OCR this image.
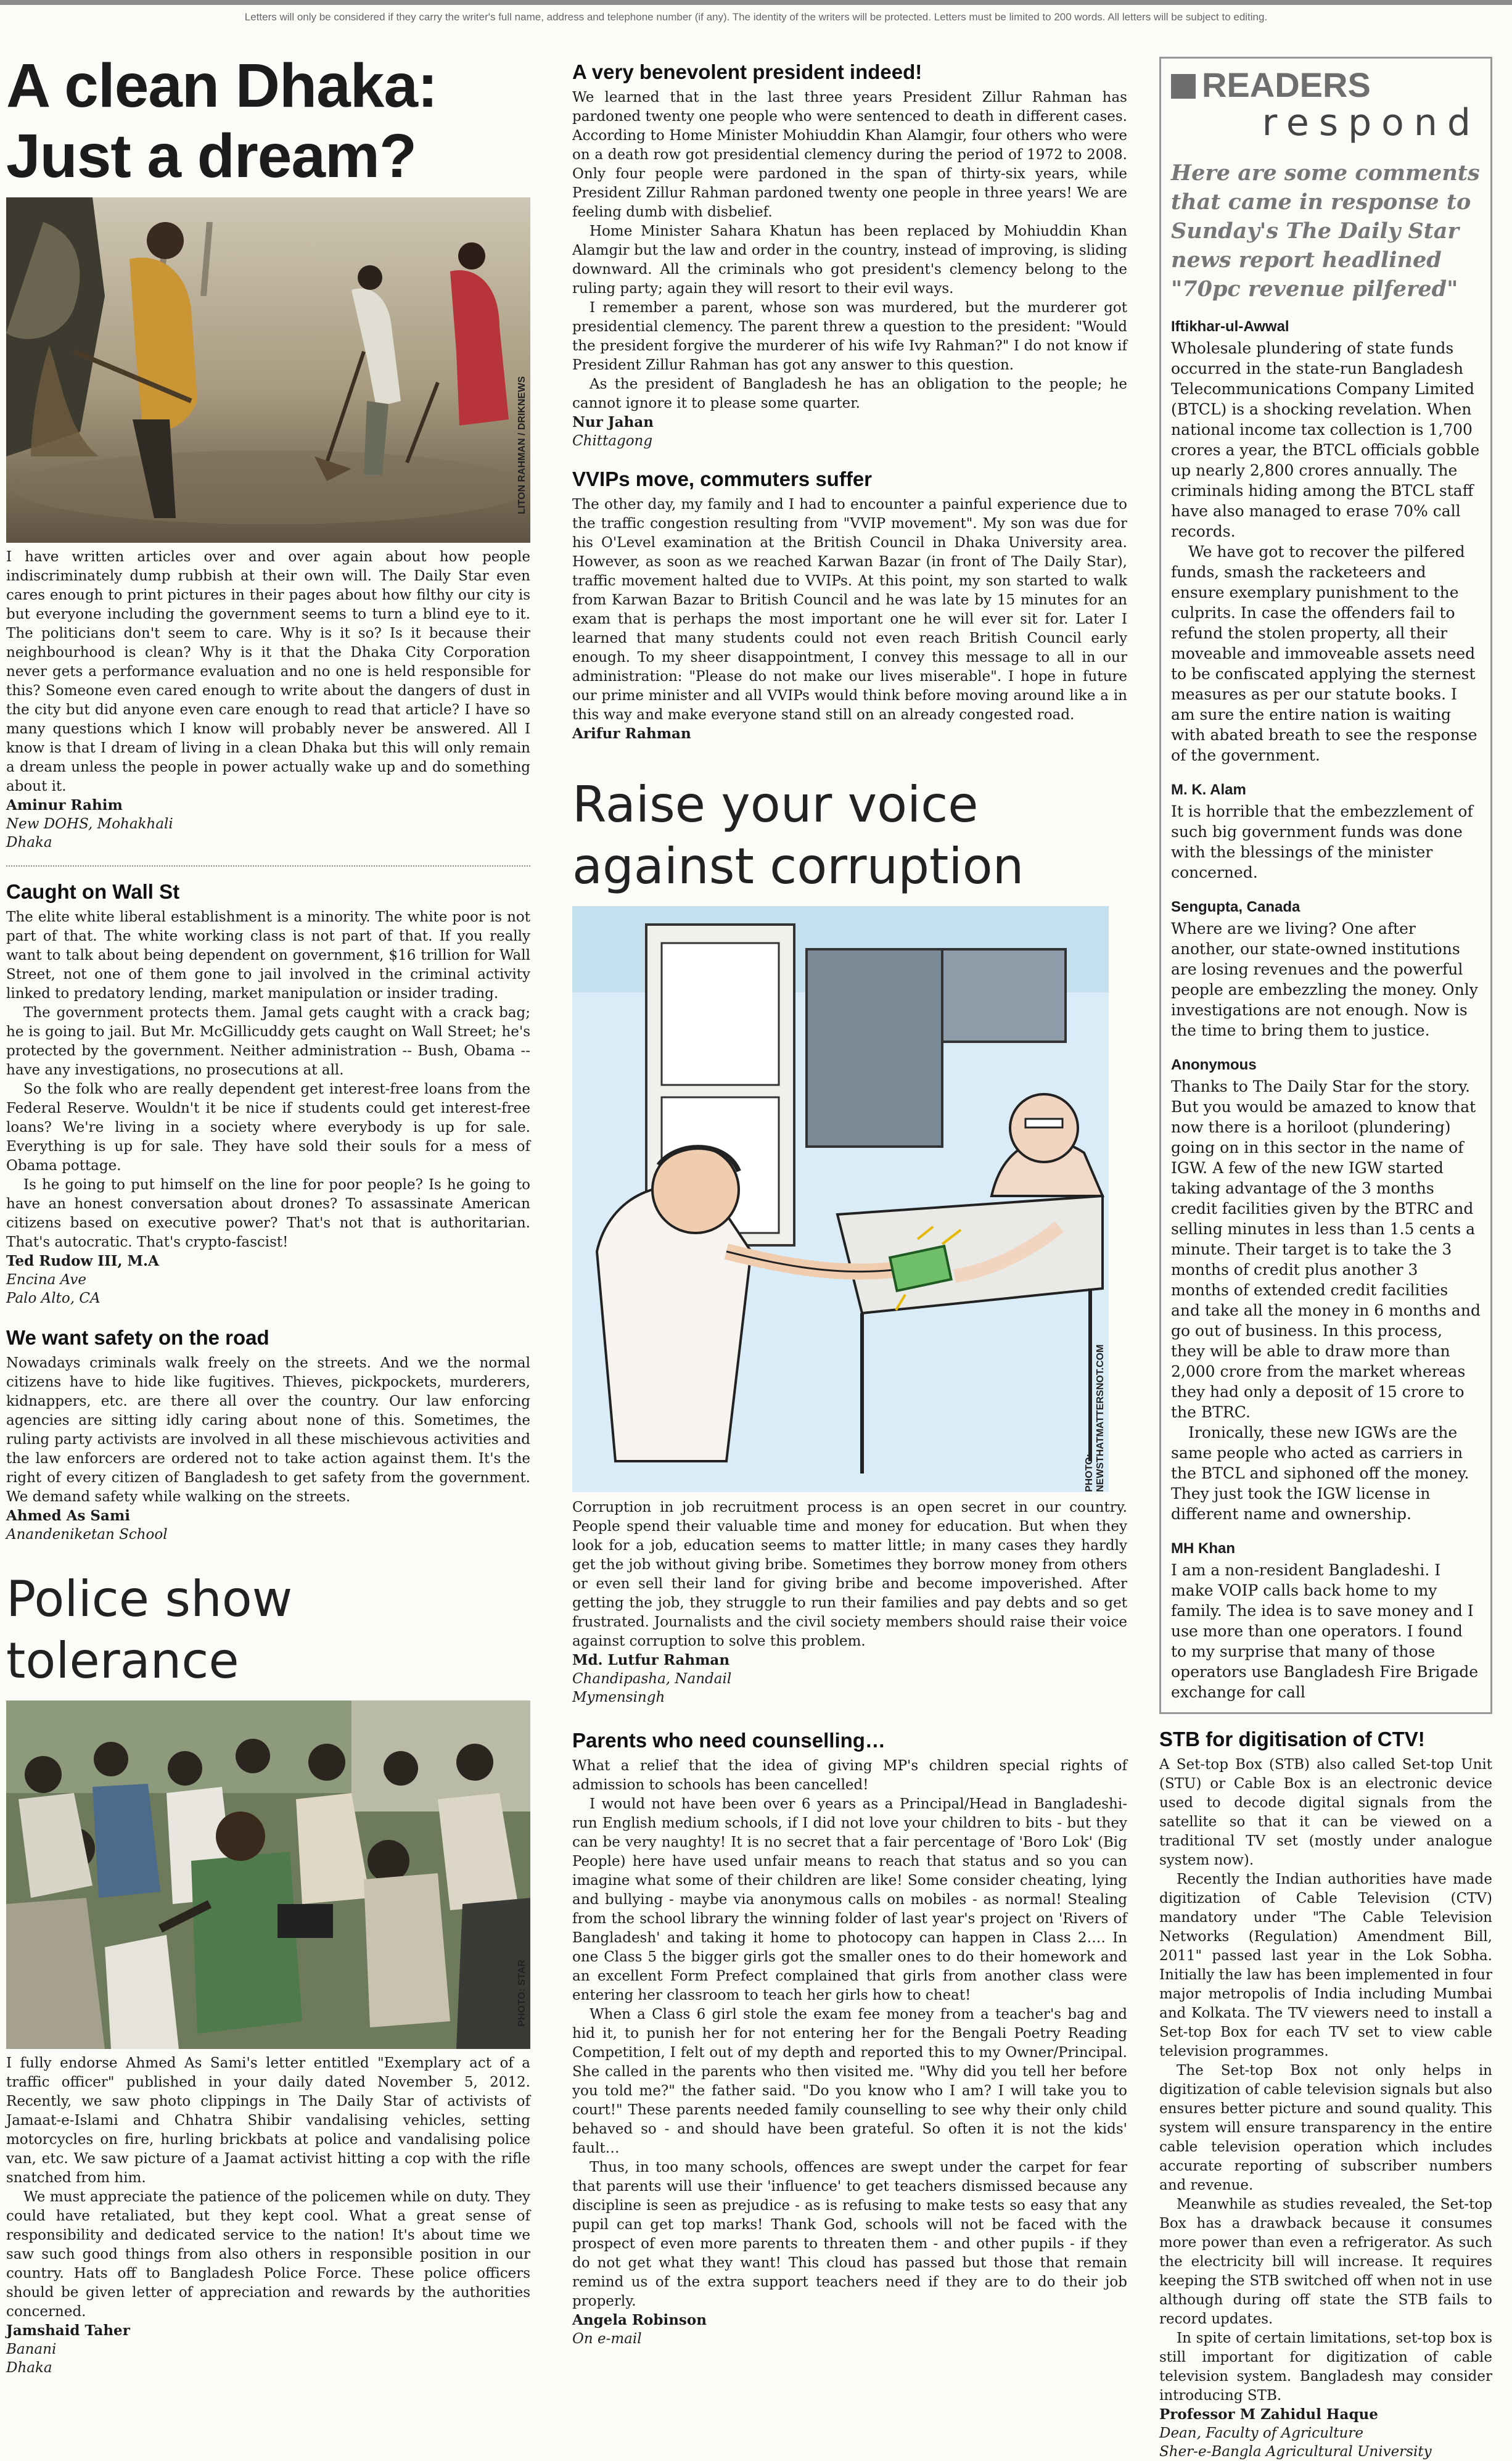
Letters will only be considered if they carry the writer's full name, address and telephone number (if any). The identity of the writers will be protected. Letters must be limited to 200 words. All letters will be subject to editing.
A clean Dhaka: Just a dream?
LITON RAHMAN / DRIKNEWS

I have written articles over and over again about how people indiscriminately dump rubbish at their own will. The Daily Star even cares enough to print pictures in their pages about how filthy our city is but everyone including the government seems to turn a blind eye to it. The politicians don't seem to care. Why is it so? Is it because their neighbourhood is clean? Why is it that the Dhaka City Corporation never gets a performance evaluation and no one is held responsible for this? Someone even cared enough to write about the dangers of dust in the city but did anyone even care enough to read that article? I have so many questions which I know will probably never be answered. All I know is that I dream of living in a clean Dhaka but this will only remain a dream unless the people in power actually wake up and do something about it.

Aminur Rahim
New DOHS, Mohakhali
Dhaka
Caught on Wall St

The elite white liberal establishment is a minority. The white poor is not part of that. The white working class is not part of that. If you really want to talk about being dependent on government, $16 trillion for Wall Street, not one of them gone to jail involved in the criminal activity linked to predatory lending, market manipulation or insider trading.

The government protects them. Jamal gets caught with a crack bag; he is going to jail. But Mr. McGillicuddy gets caught on Wall Street; he's protected by the government. Neither administration -- Bush, Obama -- have any investigations, no prosecutions at all.

So the folk who are really dependent get interest-free loans from the Federal Reserve. Wouldn't it be nice if students could get interest-free loans? We're living in a society where everybody is up for sale. Everything is up for sale. They have sold their souls for a mess of Obama pottage.

Is he going to put himself on the line for poor people? Is he going to have an honest conversation about drones? To assassinate American citizens based on executive power? That's not that is authoritarian. That's autocratic. That's crypto-fascist!

Ted Rudow III, M.A
Encina Ave
Palo Alto, CA
We want safety on the road

Nowadays criminals walk freely on the streets. And we the normal citizens have to hide like fugitives. Thieves, pickpockets, murderers, kidnappers, etc. are there all over the country. Our law enforcing agencies are sitting idly caring about none of this. Sometimes, the ruling party activists are involved in all these mischievous activities and the law enforcers are ordered not to take action against them. It's the right of every citizen of Bangladesh to get safety from the government. We demand safety while walking on the streets.

Ahmed As Sami
Anandeniketan School
Police show tolerance
PHOTO: STAR

I fully endorse Ahmed As Sami's letter entitled "Exemplary act of a traffic officer" published in your daily dated November 5, 2012. Recently, we saw photo clippings in The Daily Star of activists of Jamaat-e-Islami and Chhatra Shibir vandalising vehicles, setting motorcycles on fire, hurling brickbats at police and vandalising police van, etc. We saw picture of a Jaamat activist hitting a cop with the rifle snatched from him.

We must appreciate the patience of the policemen while on duty. They could have retaliated, but they kept cool. What a great sense of responsibility and dedicated service to the nation! It's about time we saw such good things from also others in responsible position in our country. Hats off to Bangladesh Police Force. These police officers should be given letter of appreciation and rewards by the authorities concerned.

Jamshaid Taher
Banani
Dhaka
A very benevolent president indeed!

We learned that in the last three years President Zillur Rahman has pardoned twenty one people who were sentenced to death in different cases. According to Home Minister Mohiuddin Khan Alamgir, four others who were on a death row got presidential clemency during the period of 1972 to 2008. Only four people were pardoned in the span of thirty-six years, while President Zillur Rahman pardoned twenty one people in three years! We are feeling dumb with disbelief.

Home Minister Sahara Khatun has been replaced by Mohiuddin Khan Alamgir but the law and order in the country, instead of improving, is sliding downward. All the criminals who got president's clemency belong to the ruling party; again they will resort to their evil ways.

I remember a parent, whose son was murdered, but the murderer got presidential clemency. The parent threw a question to the president: "Would the president forgive the murderer of his wife Ivy Rahman?" I do not know if President Zillur Rahman has got any answer to this question.

As the president of Bangladesh he has an obligation to the people; he cannot ignore it to please some quarter.

Nur Jahan
Chittagong
VVIPs move, commuters suffer

The other day, my family and I had to encounter a painful experience due to the traffic congestion resulting from "VVIP movement". My son was due for his O'Level examination at the British Council in Dhaka University area. However, as soon as we reached Karwan Bazar (in front of The Daily Star), traffic movement halted due to VVIPs. At this point, my son started to walk from Karwan Bazar to British Council and he was late by 15 minutes for an exam that is perhaps the most important one he will ever sit for. Later I learned that many students could not even reach British Council early enough. To my sheer disappointment, I convey this message to all in our administration: "Please do not make our lives miserable". I hope in future our prime minister and all VVIPs would think before moving around like a in this way and make everyone stand still on an already congested road.

Arifur Rahman
Raise your voice against corruption
PHOTO: NEWSTHATMATTERSNOT.COM

Corruption in job recruitment process is an open secret in our country. People spend their valuable time and money for education. But when they look for a job, education seems to matter little; in many cases they hardly get the job without giving bribe. Sometimes they borrow money from others or even sell their land for giving bribe and become impoverished. After getting the job, they struggle to run their families and pay debts and so get frustrated. Journalists and the civil society members should raise their voice against corruption to solve this problem.

Md. Lutfur Rahman
Chandipasha, Nandail
Mymensingh
Parents who need counselling…

What a relief that the idea of giving MP's children special rights of admission to schools has been cancelled!

I would not have been over 6 years as a Principal/Head in Bangladeshi-run English medium schools, if I did not love your children to bits - but they can be very naughty! It is no secret that a fair percentage of 'Boro Lok' (Big People) here have used unfair means to reach that status and so you can imagine what some of their children are like! Some consider cheating, lying and bullying - maybe via anonymous calls on mobiles - as normal! Stealing from the school library the winning folder of last year's project on 'Rivers of Bangladesh' and taking it home to photocopy can happen in Class 2…. In one Class 5 the bigger girls got the smaller ones to do their homework and an excellent Form Prefect complained that girls from another class were entering her classroom to teach her girls how to cheat!

When a Class 6 girl stole the exam fee money from a teacher's bag and hid it, to punish her for not entering her for the Bengali Poetry Reading Competition, I felt out of my depth and reported this to my Owner/Principal. She called in the parents who then visited me. "Why did you tell her before you told me?" the father said. "Do you know who I am? I will take you to court!" These parents needed family counselling to see why their only child behaved so - and should have been grateful. So often it is not the kids' fault…

Thus, in too many schools, offences are swept under the carpet for fear that parents will use their 'influence' to get teachers dismissed because any discipline is seen as prejudice - as is refusing to make tests so easy that any pupil can get top marks! Thank God, schools will not be faced with the prospect of even more parents to threaten them - and other pupils - if they do not get what they want! This cloud has passed but those that remain remind us of the extra support teachers need if they are to do their job properly.

Angela Robinson
On e-mail
READERS
respond
Here are some comments that came in response to Sunday's The Daily Star news report headlined "70pc revenue pilfered"
Iftikhar-ul-Awwal

Wholesale plundering of state funds occurred in the state-run Bangladesh Telecommunications Company Limited (BTCL) is a shocking revelation. When national income tax collection is 1,700 crores a year, the BTCL officials gobble up nearly 2,800 crores annually. The criminals hiding among the BTCL staff have also managed to erase 70% call records.

We have got to recover the pilfered funds, smash the racketeers and ensure exemplary punishment to the culprits. In case the offenders fail to refund the stolen property, all their moveable and immoveable assets need to be confiscated applying the sternest measures as per our statute books. I am sure the entire nation is waiting with abated breath to see the response of the government.

M. K. Alam

It is horrible that the embezzlement of such big government funds was done with the blessings of the minister concerned.

Sengupta, Canada

Where are we living? One after another, our state-owned institutions are losing revenues and the powerful people are embezzling the money. Only investigations are not enough. Now is the time to bring them to justice.

Anonymous

Thanks to The Daily Star for the story. But you would be amazed to know that now there is a horiloot (plundering) going on in this sector in the name of IGW. A few of the new IGW started taking advantage of the 3 months credit facilities given by the BTRC and selling minutes in less than 1.5 cents a minute. Their target is to take the 3 months of credit plus another 3 months of extended credit facilities and take all the money in 6 months and go out of business. In this process, they will be able to draw more than 2,000 crore from the market whereas they had only a deposit of 15 crore to the BTRC.

Ironically, these new IGWs are the same people who acted as carriers in the BTCL and siphoned off the money. They just took the IGW license in different name and ownership.

MH Khan

I am a non-resident Bangladeshi. I make VOIP calls back home to my family. The idea is to save money and I use more than one operators. I found to my surprise that many of those operators use Bangladesh Fire Brigade exchange for call

STB for digitisation of CTV!

A Set-top Box (STB) also called Set-top Unit (STU) or Cable Box is an electronic device used to decode digital signals from the satellite so that it can be viewed on a traditional TV set (mostly under analogue system now).

Recently the Indian authorities have made digitization of Cable Television (CTV) mandatory under "The Cable Television Networks (Regulation) Amendment Bill, 2011" passed last year in the Lok Sobha. Initially the law has been implemented in four major metropolis of India including Mumbai and Kolkata. The TV viewers need to install a Set-top Box for each TV set to view cable television programmes.

The Set-top Box not only helps in digitization of cable television signals but also ensures better picture and sound quality. This system will ensure transparency in the entire cable television operation which includes accurate reporting of subscriber numbers and revenue.

Meanwhile as studies revealed, the Set-top Box has a drawback because it consumes more power than even a refrigerator. As such the electricity bill will increase. It requires keeping the STB switched off when not in use although during off state the STB fails to record updates.

In spite of certain limitations, set-top box is still important for digitization of cable television system. Bangladesh may consider introducing STB.

Professor M Zahidul Haque
Dean, Faculty of Agriculture
Sher-e-Bangla Agricultural University
